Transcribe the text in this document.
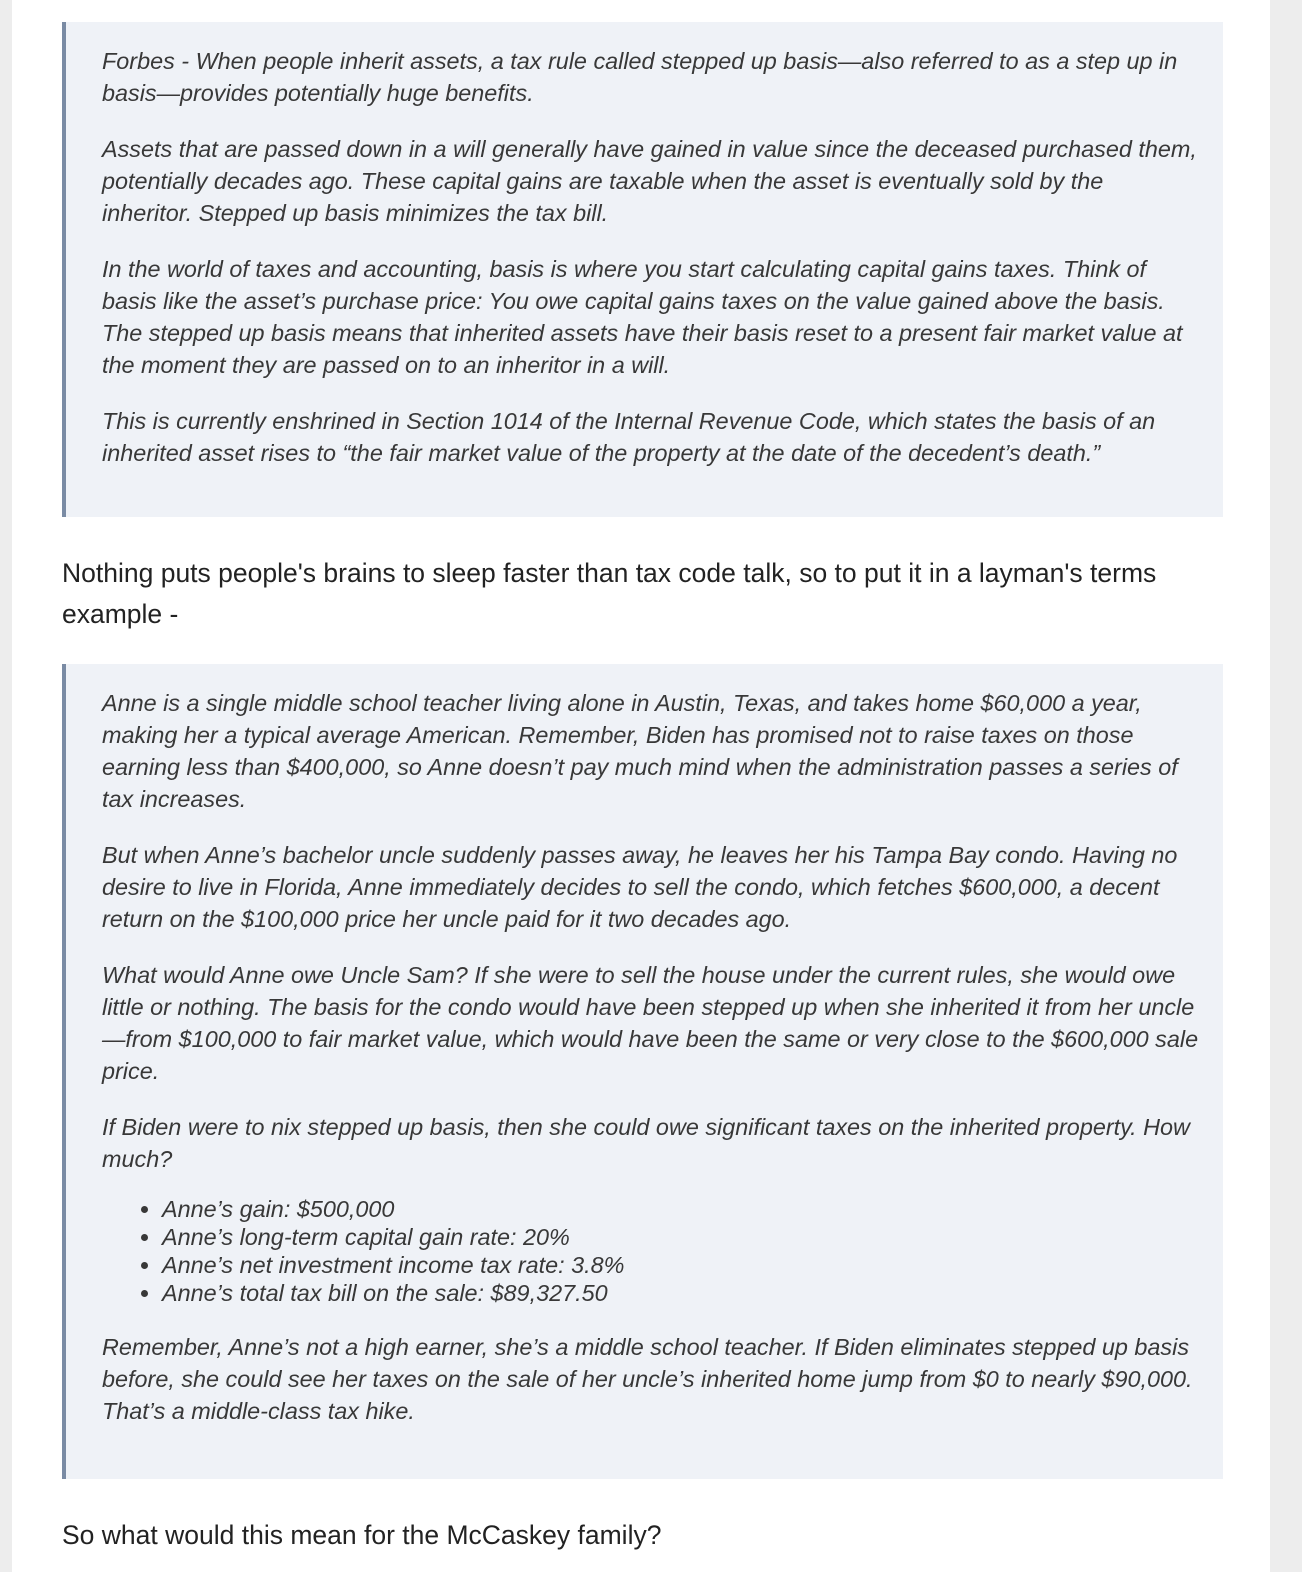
Forbes - When people inherit assets, a tax rule called stepped up basis—also referred to as a step up in basis—provides potentially huge benefits.

Assets that are passed down in a will generally have gained in value since the deceased purchased them, potentially decades ago. These capital gains are taxable when the asset is eventually sold by the inheritor. Stepped up basis minimizes the tax bill.

In the world of taxes and accounting, basis is where you start calculating capital gains taxes. Think of basis like the asset’s purchase price: You owe capital gains taxes on the value gained above the basis. The stepped up basis means that inherited assets have their basis reset to a present fair market value at the moment they are passed on to an inheritor in a will.

This is currently enshrined in Section 1014 of the Internal Revenue Code, which states the basis of an inherited asset rises to “the fair market value of the property at the date of the decedent’s death.”

Nothing puts people's brains to sleep faster than tax code talk, so to put it in a layman's terms example -

Anne is a single middle school teacher living alone in Austin, Texas, and takes home $60,000 a year, making her a typical average American. Remember, Biden has promised not to raise taxes on those earning less than $400,000, so Anne doesn’t pay much mind when the administration passes a series of tax increases.

But when Anne’s bachelor uncle suddenly passes away, he leaves her his Tampa Bay condo. Having no desire to live in Florida, Anne immediately decides to sell the condo, which fetches $600,000, a decent return on the $100,000 price her uncle paid for it two decades ago.

What would Anne owe Uncle Sam? If she were to sell the house under the current rules, she would owe little or nothing. The basis for the condo would have been stepped up when she inherited it from her uncle—from $100,000 to fair market value, which would have been the same or very close to the $600,000 sale price.

If Biden were to nix stepped up basis, then she could owe significant taxes on the inherited property. How much?

• Anne’s gain: $500,000
• Anne’s long-term capital gain rate: 20%
• Anne’s net investment income tax rate: 3.8%
• Anne’s total tax bill on the sale: $89,327.50

Remember, Anne’s not a high earner, she’s a middle school teacher. If Biden eliminates stepped up basis before, she could see her taxes on the sale of her uncle’s inherited home jump from $0 to nearly $90,000. That’s a middle-class tax hike.

So what would this mean for the McCaskey family?
